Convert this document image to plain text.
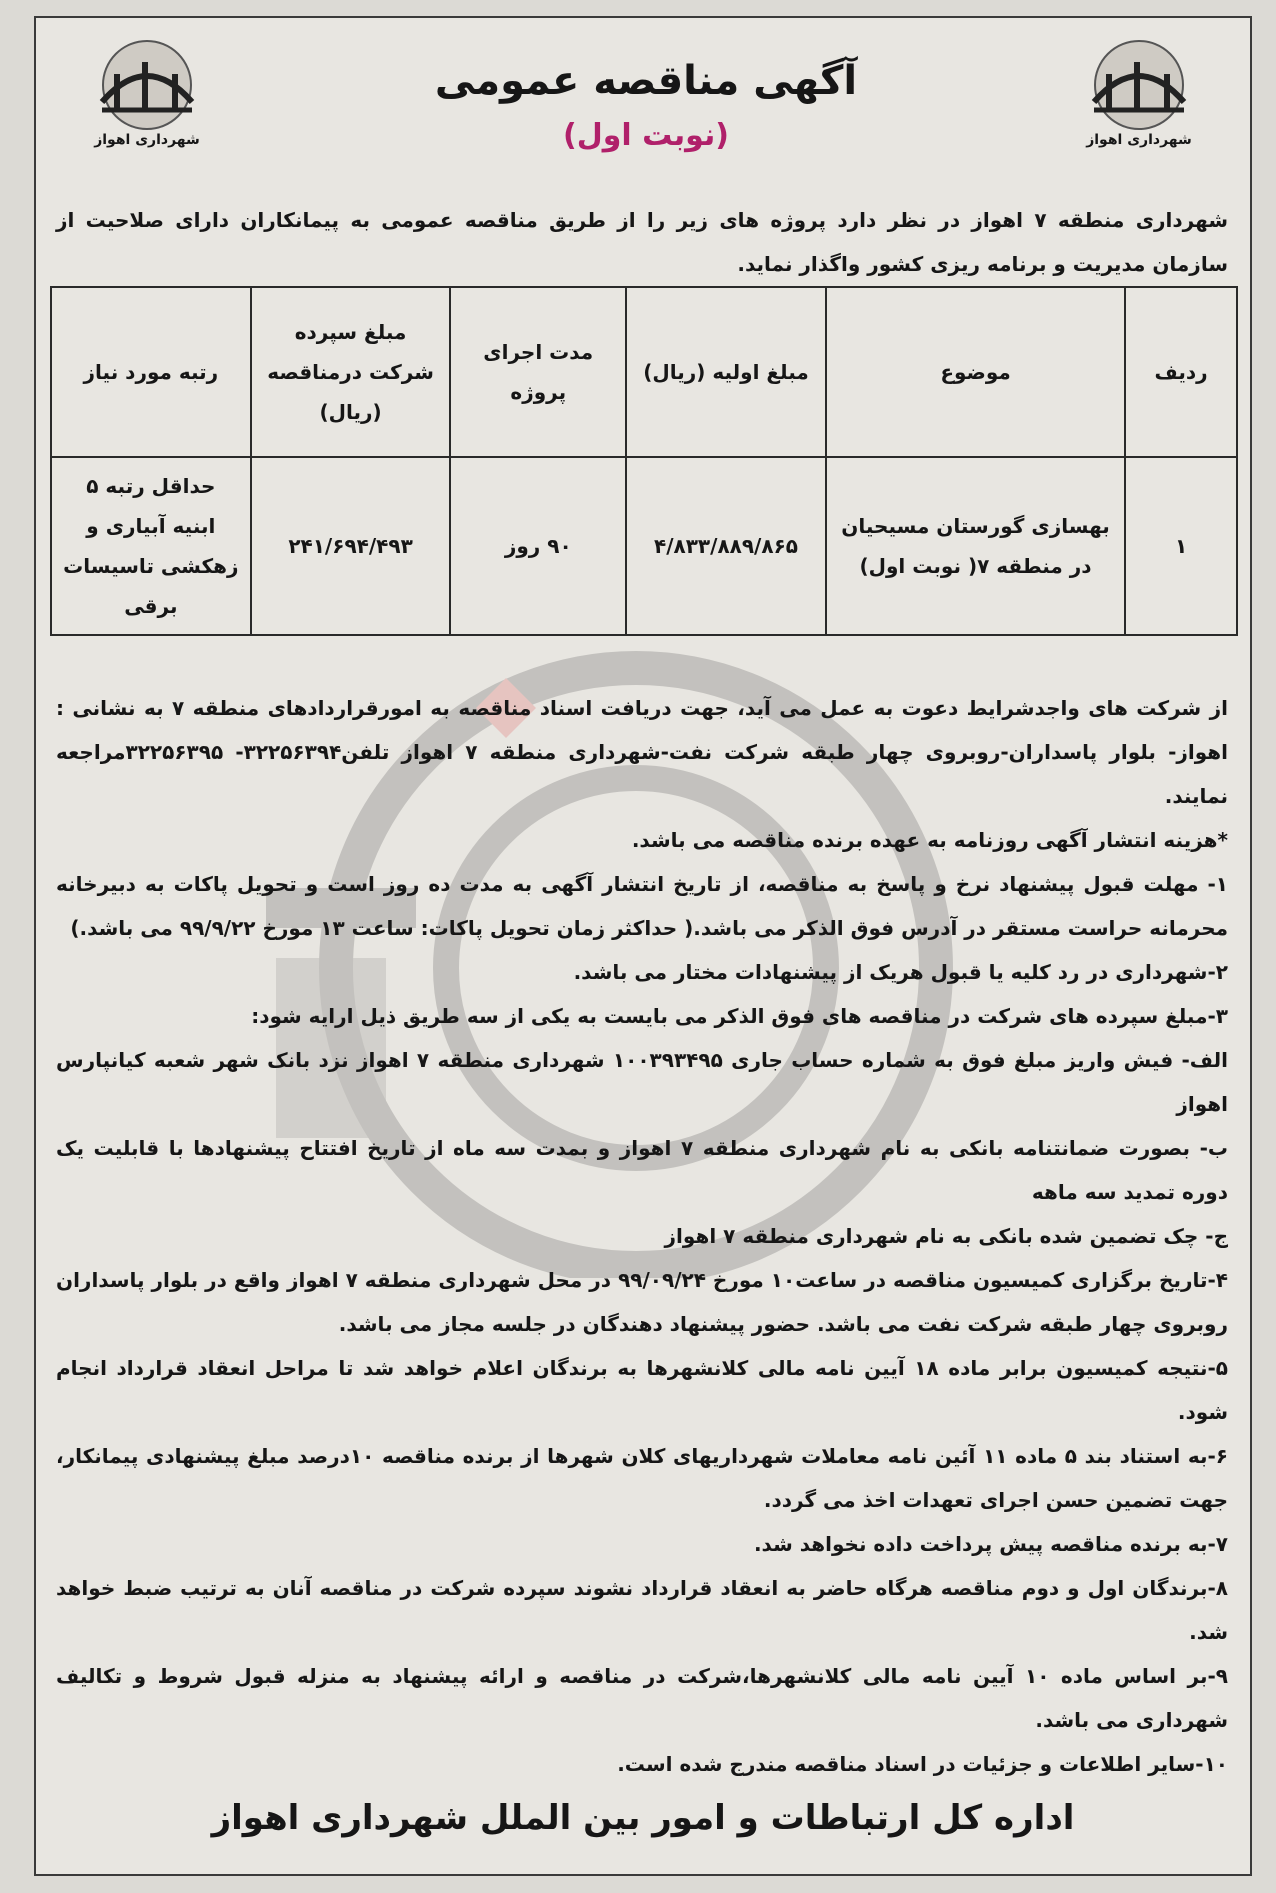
شهرداری اهواز	شهرداری اهواز
آگهی مناقصه عمومی
(نوبت اول)
شهرداری منطقه ۷ اهواز در نظر دارد پروژه های زیر را از طریق مناقصه عمومی به پیمانکاران دارای صلاحیت از سازمان مدیریت و برنامه ریزی کشور واگذار نماید.
ردیف	موضوع	مبلغ اولیه (ریال)	مدت اجرای پروژه	مبلغ سپرده شرکت درمناقصه (ریال)	رتبه مورد نیاز
۱	بهسازی گورستان مسیحیان در منطقه ۷( نوبت اول)	۴/۸۳۳/۸۸۹/۸۶۵	۹۰ روز	۲۴۱/۶۹۴/۴۹۳	حداقل رتبه ۵ ابنیه آبیاری و زهکشی تاسیسات برقی

از شرکت های واجدشرایط دعوت به عمل می آید، جهت دریافت اسناد مناقصه به امورقراردادهای منطقه ۷ به نشانی : اهواز- بلوار پاسداران-روبروی چهار طبقه شرکت نفت-شهرداری منطقه ۷ اهواز تلفن۳۲۲۵۶۳۹۴- ۳۲۲۵۶۳۹۵مراجعه نمایند.

*هزینه انتشار آگهی روزنامه به عهده برنده مناقصه می باشد.

۱- مهلت قبول پیشنهاد نرخ و پاسخ به مناقصه، از تاریخ انتشار آگهی به مدت ده روز است و تحویل پاکات به دبیرخانه محرمانه حراست مستقر در آدرس فوق الذکر می باشد.( حداکثر زمان تحویل پاکات: ساعت ۱۳ مورخ ۹۹/۹/۲۲ می باشد.)

۲-شهرداری در رد کلیه یا قبول هریک از پیشنهادات مختار می باشد.

۳-مبلغ سپرده های شرکت در مناقصه های فوق الذکر می بایست به یکی از سه طریق ذیل ارایه شود:

الف- فیش واریز مبلغ فوق به شماره حساب جاری ۱۰۰۳۹۳۴۹۵ شهرداری منطقه ۷ اهواز نزد بانک شهر شعبه کیانپارس اهواز

ب- بصورت ضمانتنامه بانکی به نام شهرداری منطقه ۷ اهواز و بمدت سه ماه از تاریخ افتتاح پیشنهادها با قابلیت یک دوره تمدید سه ماهه

ج- چک تضمین شده بانکی به نام شهرداری منطقه ۷ اهواز

۴-تاریخ برگزاری کمیسیون مناقصه در ساعت۱۰ مورخ ۹۹/۰۹/۲۴ در محل شهرداری منطقه ۷ اهواز واقع در بلوار پاسداران روبروی چهار طبقه شرکت نفت می باشد. حضور پیشنهاد دهندگان در جلسه مجاز می باشد.

۵-نتیجه کمیسیون برابر ماده ۱۸ آیین نامه مالی کلانشهرها به برندگان اعلام خواهد شد تا مراحل انعقاد قرارداد انجام شود.

۶-به استناد بند ۵ ماده ۱۱ آئین نامه معاملات شهرداریهای کلان شهرها از برنده مناقصه ۱۰درصد مبلغ پیشنهادی پیمانکار، جهت تضمین حسن اجرای تعهدات اخذ می گردد.

۷-به برنده مناقصه پیش پرداخت داده نخواهد شد.

۸-برندگان اول و دوم مناقصه هرگاه حاضر به انعقاد قرارداد نشوند سپرده شرکت در مناقصه آنان به ترتیب ضبط خواهد شد.

۹-بر اساس ماده ۱۰ آیین نامه مالی کلانشهرها،شرکت در مناقصه و ارائه پیشنهاد به منزله قبول شروط و تکالیف شهرداری می باشد.

۱۰-سایر اطلاعات و جزئیات در اسناد مناقصه مندرج شده است.

اداره کل ارتباطات و امور بین الملل شهرداری اهواز
